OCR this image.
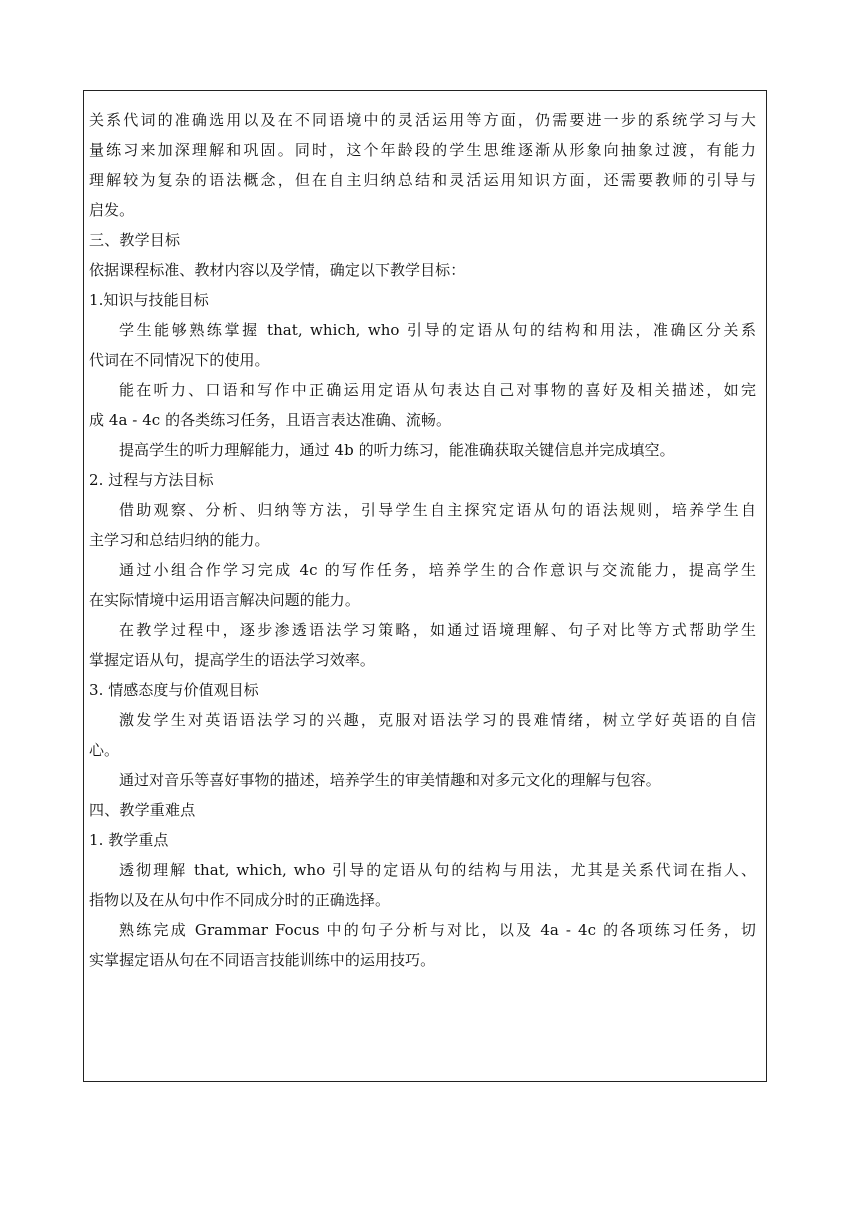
关系代词的准确选用以及在不同语境中的灵活运用等方面，仍需要进一步的系统学习与大
量练习来加深理解和巩固。同时，这个年龄段的学生思维逐渐从形象向抽象过渡，有能力
理解较为复杂的语法概念，但在自主归纳总结和灵活运用知识方面，还需要教师的引导与
启发。
三、教学目标
依据课程标准、教材内容以及学情，确定以下教学目标：
1.知识与技能目标
学生能够熟练掌握 that, which, who 引导的定语从句的结构和用法，准确区分关系
代词在不同情况下的使用。
能在听力、口语和写作中正确运用定语从句表达自己对事物的喜好及相关描述，如完
成 4a - 4c 的各类练习任务，且语言表达准确、流畅。
提高学生的听力理解能力，通过 4b 的听力练习，能准确获取关键信息并完成填空。
2. 过程与方法目标
借助观察、分析、归纳等方法，引导学生自主探究定语从句的语法规则，培养学生自
主学习和总结归纳的能力。
通过小组合作学习完成 4c 的写作任务，培养学生的合作意识与交流能力，提高学生
在实际情境中运用语言解决问题的能力。
在教学过程中，逐步渗透语法学习策略，如通过语境理解、句子对比等方式帮助学生
掌握定语从句，提高学生的语法学习效率。
3. 情感态度与价值观目标
激发学生对英语语法学习的兴趣，克服对语法学习的畏难情绪，树立学好英语的自信
心。
通过对音乐等喜好事物的描述，培养学生的审美情趣和对多元文化的理解与包容。
四、教学重难点
1. 教学重点
透彻理解 that, which, who 引导的定语从句的结构与用法，尤其是关系代词在指人、
指物以及在从句中作不同成分时的正确选择。
熟练完成 Grammar Focus 中的句子分析与对比，以及 4a - 4c 的各项练习任务，切
实掌握定语从句在不同语言技能训练中的运用技巧。
